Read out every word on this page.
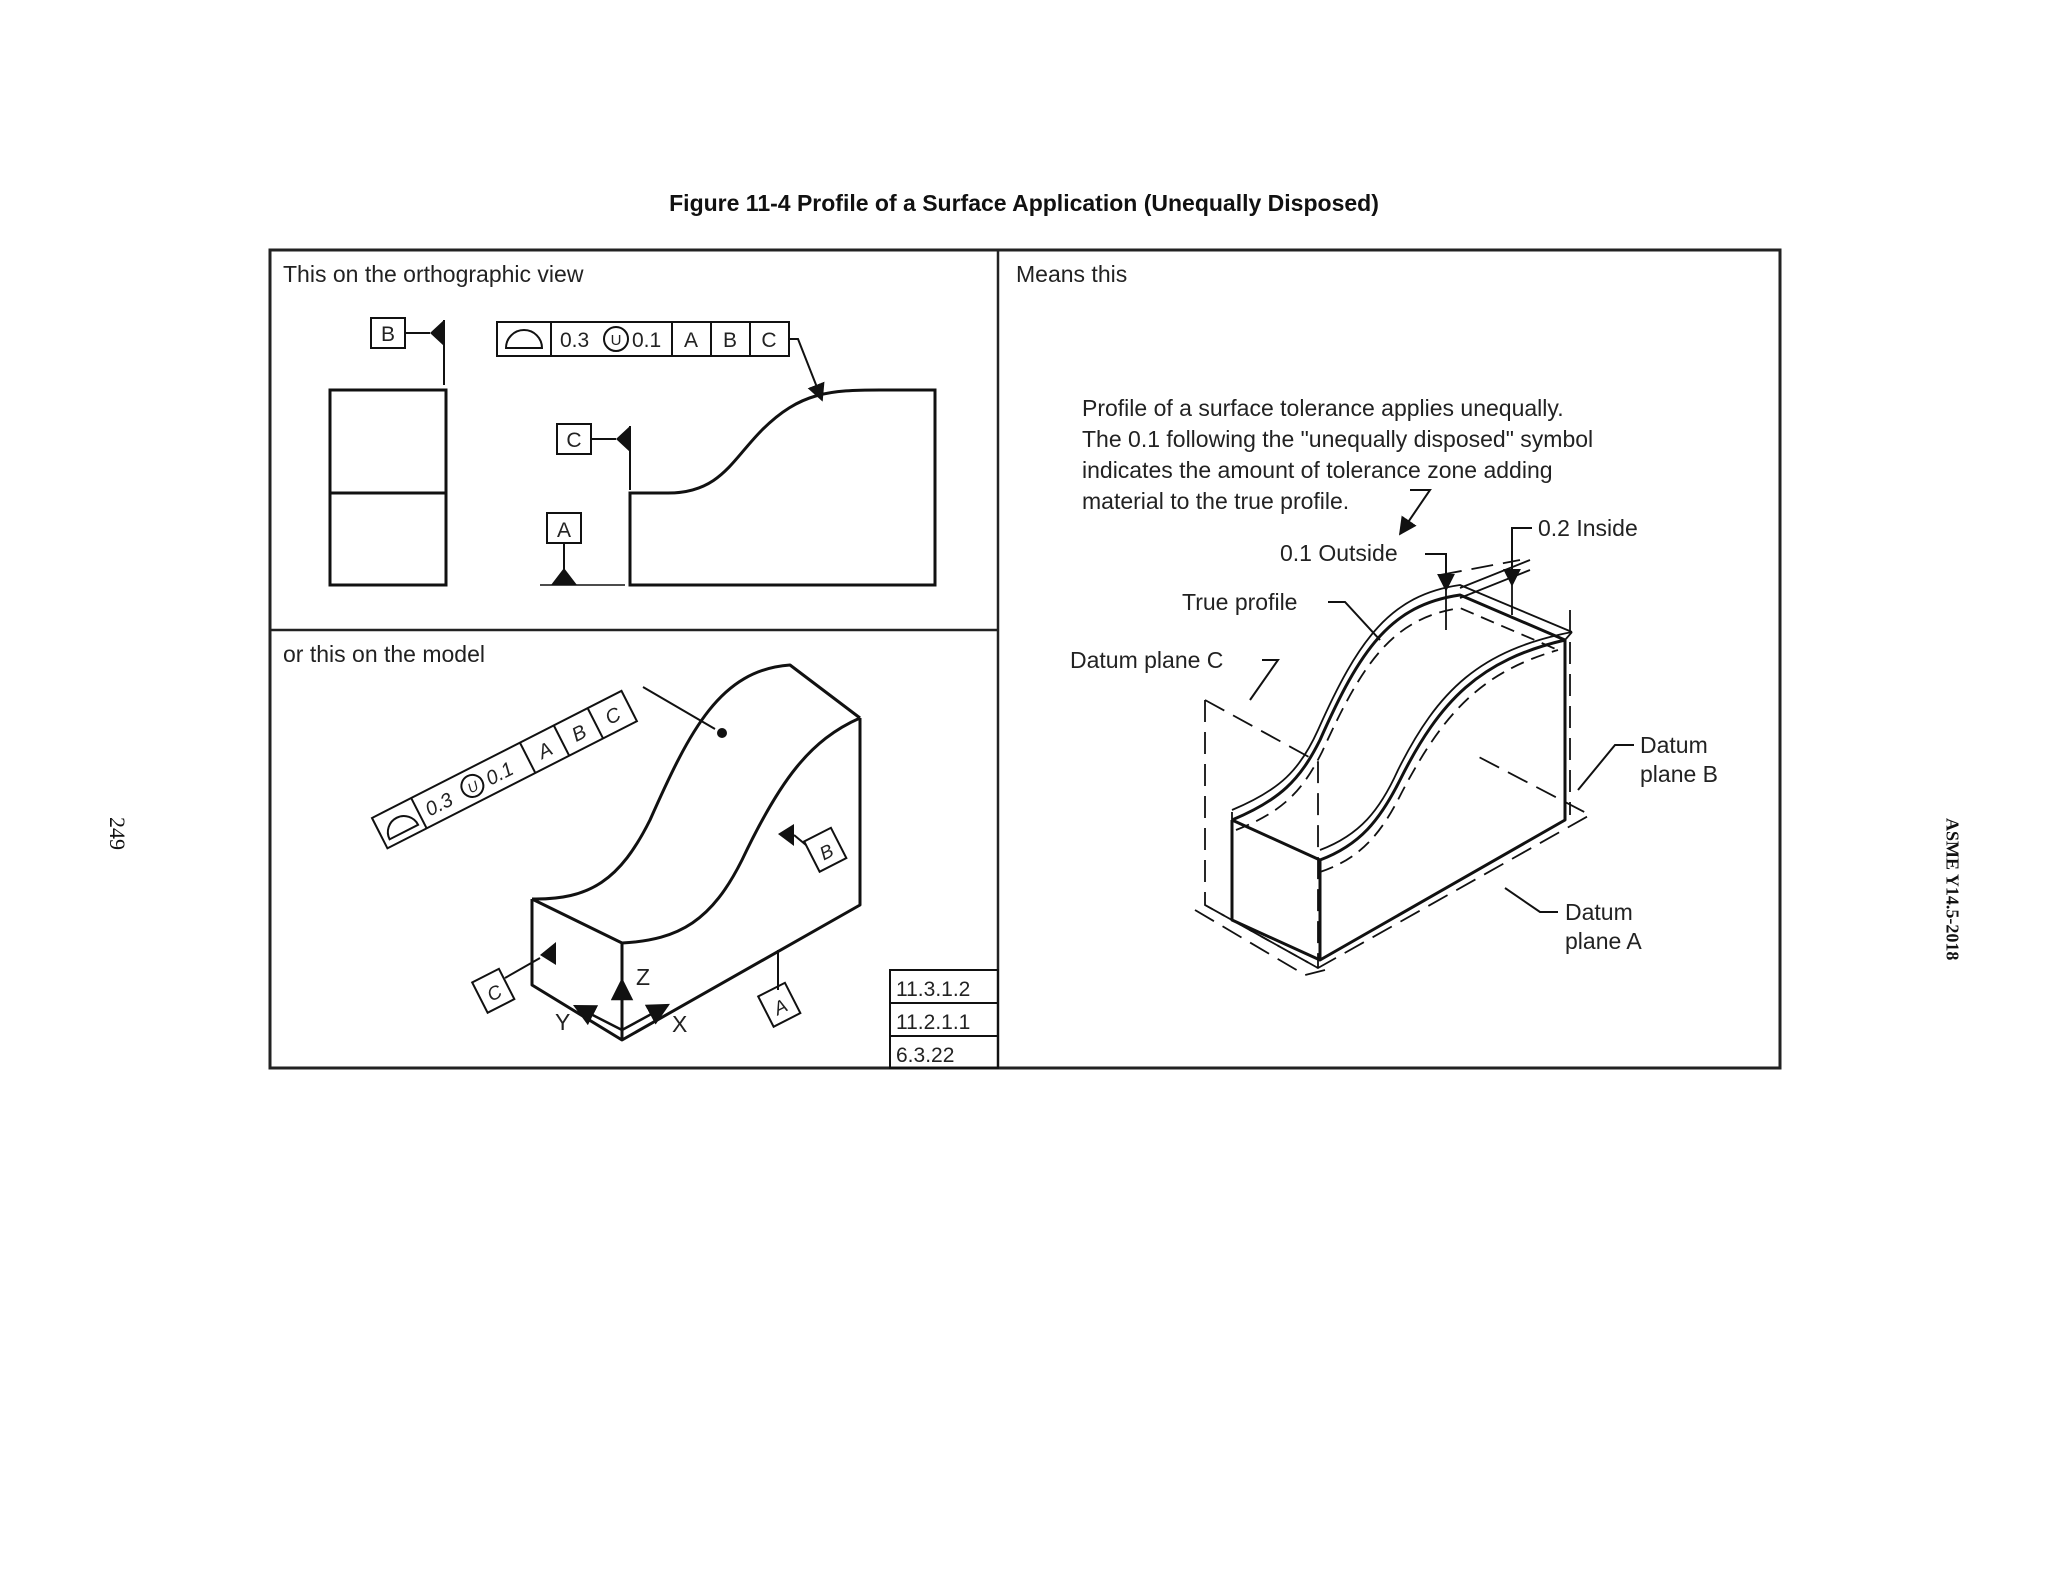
Figure 11-4 Profile of a Surface Application (Unequally Disposed)
249	ASME Y14.5-2018
This on the orthographic view
or this on the model
Means this
B
C
A
0.3 U 0.1 A B C
0.3
U 0.1
A
B
C
B
C
A
Z
Y	X
11.3.1.2
11.2.1.1
6.3.22
Profile of a surface tolerance applies unequally.
The 0.1 following the "unequally disposed" symbol
indicates the amount of tolerance zone adding
material to the true profile.
0.1 Outside
0.2 Inside
True profile
Datum plane C
Datum
plane B
Datum
plane A
